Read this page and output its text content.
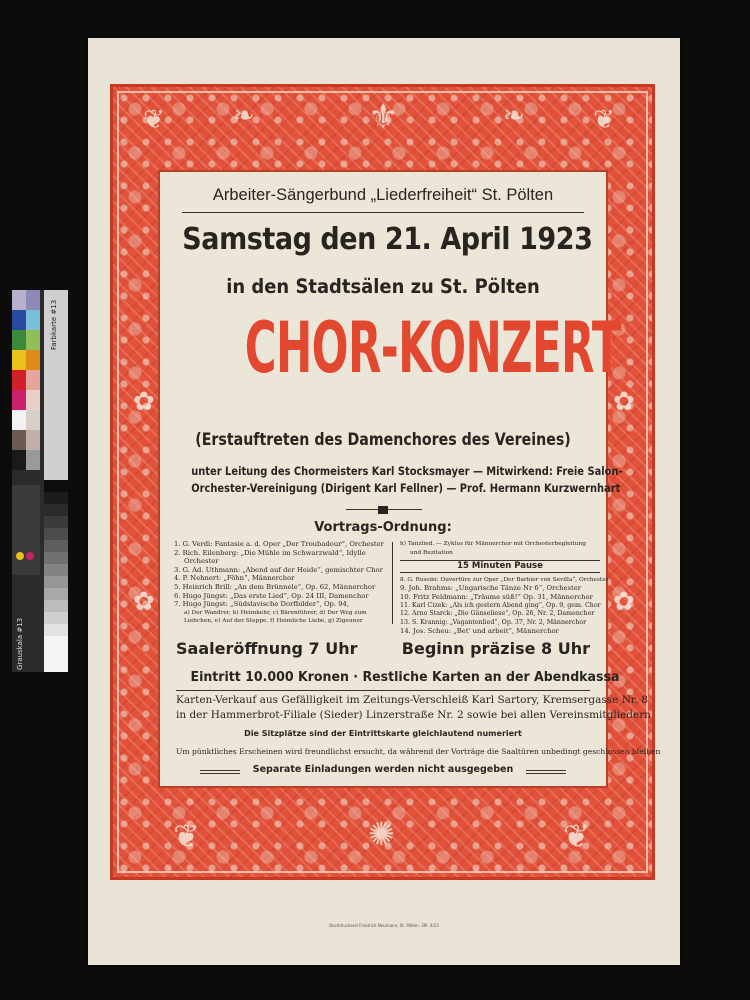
Grauskala #13
Farbkarte #13
Buchdruckerei Friedrich Neumann, St. Pölten. 3M. 4/23
❦	❧	⚜	❧	❦
✿
✿
✿
✿
❦	✺	❦
Arbeiter-Sängerbund „Liederfreiheit“ St. Pölten
Samstag den 21. April 1923
in den Stadtsälen zu St. Pölten
CHOR-KONZERT
(Erstauftreten des Damenchores des Vereines)
unter Leitung des Chormeisters Karl Stocksmayer — Mitwirkend: Freie Salon-
Orchester-Vereinigung (Dirigent Karl Fellner) — Prof. Hermann Kurzwernhart
Vortrags-Ordnung:
1. G. Verdi: Fantasie a. d. Oper „Der Troubadour“, Orchester
2. Rich. Eilenberg: „Die Mühle im Schwarzwald“, Idylle
Orchester
3. G. Ad. Uthmann: „Abend auf der Heide“, gemischter Chor
4. P. Nehnert: „Föhn“, Männerchor
5. Heinrich Brill: „An dem Brünnele“, Op. 62, Männerchor
6. Hugo Jüngst: „Das erste Lied“, Op. 24 III, Damenchor
7. Hugo Jüngst: „Südslavische Dorfbilder“, Op. 94,
a) Der Wandrer, b) Heimkehr, c) Bärenführer, d) Der Weg zum
Liebchen, e) Auf der Steppe, f) Heimliche Liebe, g) Zigeuner
h) Tanzlied. — Zyklus für Männerchor mit Orchesterbegleitung
und Rezitation
15 Minuten Pause
8. G. Rossini: Ouvertüre zur Oper „Der Barbier von Sevilla“, Orchester
9. Joh. Brahms: „Ungarische Tänze Nr 6“, Orchester
10. Fritz Feldmann: „Träume süß!“ Op. 31, Männerchor
11. Karl Cizek: „Als ich gestern Abend ging“, Op. 9, gem. Chor
12. Arno Starck: „Die Gänseliese“, Op. 26, Nr. 2, Damenchor
13. S. Krannig: „Vagantenlied“, Op. 37, Nr. 2, Männerchor
14. Jos. Scheu: „Bet' und arbeit“, Männerchor
Saaleröffnung 7 Uhr	Beginn präzise 8 Uhr
Eintritt 10.000 Kronen · Restliche Karten an der Abendkassa
Karten-Verkauf aus Gefälligkeit im Zeitungs-Verschleiß Karl Sartory, Kremsergasse Nr. 8
in der Hammerbrot-Filiale (Sieder) Linzerstraße Nr. 2 sowie bei allen Vereinsmitgliedern
Die Sitzplätze sind der Eintrittskarte gleichlautend numeriert
Um pünktliches Erscheinen wird freundlichst ersucht, da während der Vorträge die Saaltüren unbedingt geschlossen bleiben
Separate Einladungen werden nicht ausgegeben
